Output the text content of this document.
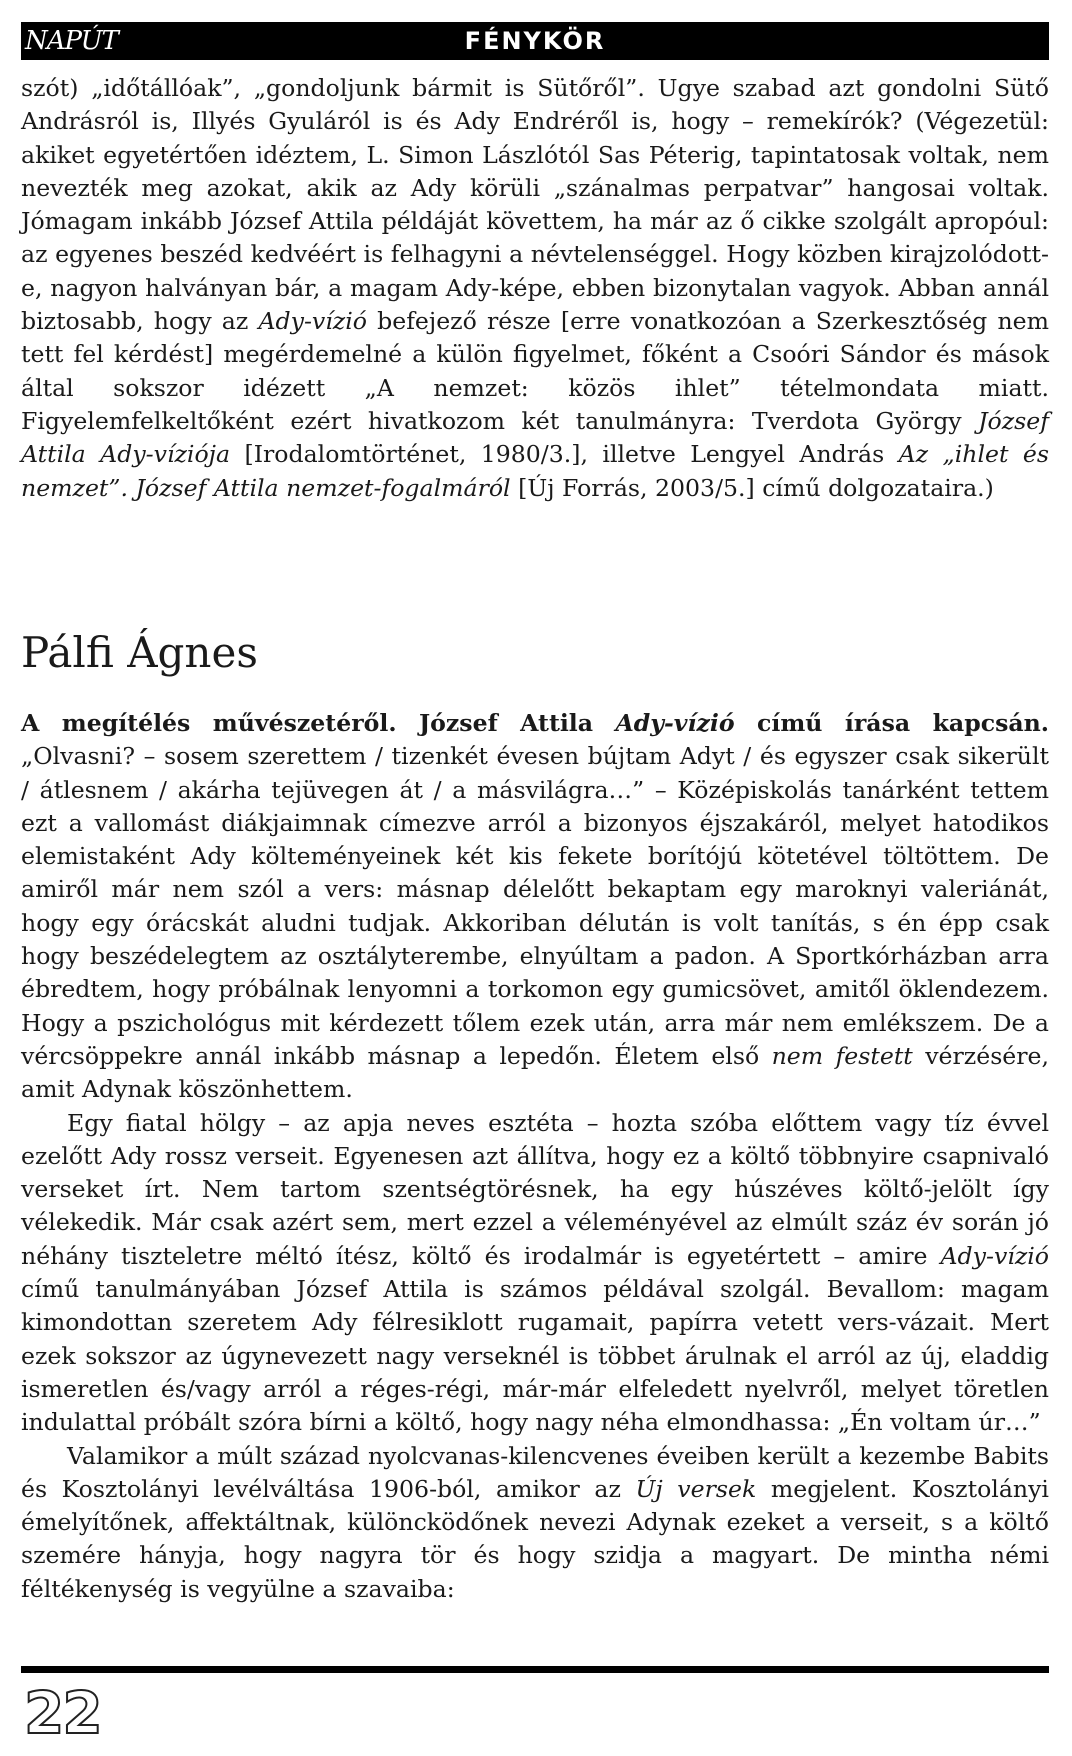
NAPÚT	FÉNYKÖR

szót) „időtállóak”, „gondoljunk bármit is Sütőről”. Ugye szabad azt gondolni Sütő Andrásról is, Illyés Gyuláról is és Ady Endréről is, hogy – remekírók? (Végezetül: akiket egyetértően idéztem, L. Simon Lászlótól Sas Péterig, tapintatosak voltak, nem nevezték meg azokat, akik az Ady körüli „szánalmas perpatvar” hangosai voltak. Jómagam inkább József Attila példáját követtem, ha már az ő cikke szolgált apropóul: az egyenes beszéd kedvéért is felhagyni a névtelenséggel. Hogy közben kirajzolódott-e, nagyon halványan bár, a magam Ady-képe, ebben bizonytalan vagyok. Abban annál biztosabb, hogy az Ady-vízió befejező része [erre vonatkozóan a Szerkesztőség nem tett fel kérdést] megérdemelné a külön figyelmet, főként a Csoóri Sándor és mások által sokszor idézett „A nemzet: közös ihlet” tételmondata miatt. Figyelemfelkeltőként ezért hivatkozom két tanulmányra: Tverdota György József Attila Ady-víziója [Irodalomtörténet, 1980/3.], illetve Lengyel András Az „ihlet és nemzet”. József Attila nemzet-fogalmáról [Új Forrás, 2003/5.] című dolgozataira.)

Pálfi Ágnes

A megítélés művészetéről. József Attila Ady-vízió című írása kapcsán. „Olvasni? – sosem szerettem / tizenkét évesen bújtam Adyt / és egyszer csak sikerült / átlesnem / akárha tejüvegen át / a másvilágra…” – Középiskolás tanárként tettem ezt a vallomást diákjaimnak címezve arról a bizonyos éjszakáról, melyet hatodikos elemistaként Ady költeményeinek két kis fekete borítójú kötetével töltöttem. De amiről már nem szól a vers: másnap délelőtt bekaptam egy maroknyi valeriánát, hogy egy órácskát aludni tudjak. Akkoriban délután is volt tanítás, s én épp csak hogy beszédelegtem az osztályterembe, elnyúltam a padon. A Sportkórházban arra ébredtem, hogy próbálnak lenyomni a torkomon egy gumicsövet, amitől öklendezem. Hogy a pszichológus mit kérdezett tőlem ezek után, arra már nem emlékszem. De a vércsöppekre annál inkább másnap a lepedőn. Életem első nem festett vérzésére, amit Adynak köszönhettem.

Egy fiatal hölgy – az apja neves esztéta – hozta szóba előttem vagy tíz évvel ezelőtt Ady rossz verseit. Egyenesen azt állítva, hogy ez a költő többnyire csapnivaló verseket írt. Nem tartom szentségtörésnek, ha egy húszéves költő-jelölt így vélekedik. Már csak azért sem, mert ezzel a véleményével az elmúlt száz év során jó néhány tiszteletre méltó ítész, költő és irodalmár is egyetértett – amire Ady-vízió című tanulmányában József Attila is számos példával szolgál. Bevallom: magam kimondottan szeretem Ady félresiklott rugamait, papírra vetett vers-vázait. Mert ezek sokszor az úgynevezett nagy verseknél is többet árulnak el arról az új, eladdig ismeretlen és/vagy arról a réges-régi, már-már elfeledett nyelvről, melyet töretlen indulattal próbált szóra bírni a költő, hogy nagy néha elmondhassa: „Én voltam úr…”

Valamikor a múlt század nyolcvanas-kilencvenes éveiben került a kezembe Babits és Kosztolányi levélváltása 1906-ból, amikor az Új versek megjelent. Kosztolányi émelyítőnek, affektáltnak, különcködőnek nevezi Adynak ezeket a verseit, s a költő szemére hányja, hogy nagyra tör és hogy szidja a magyart. De mintha némi féltékenység is vegyülne a szavaiba:

22
